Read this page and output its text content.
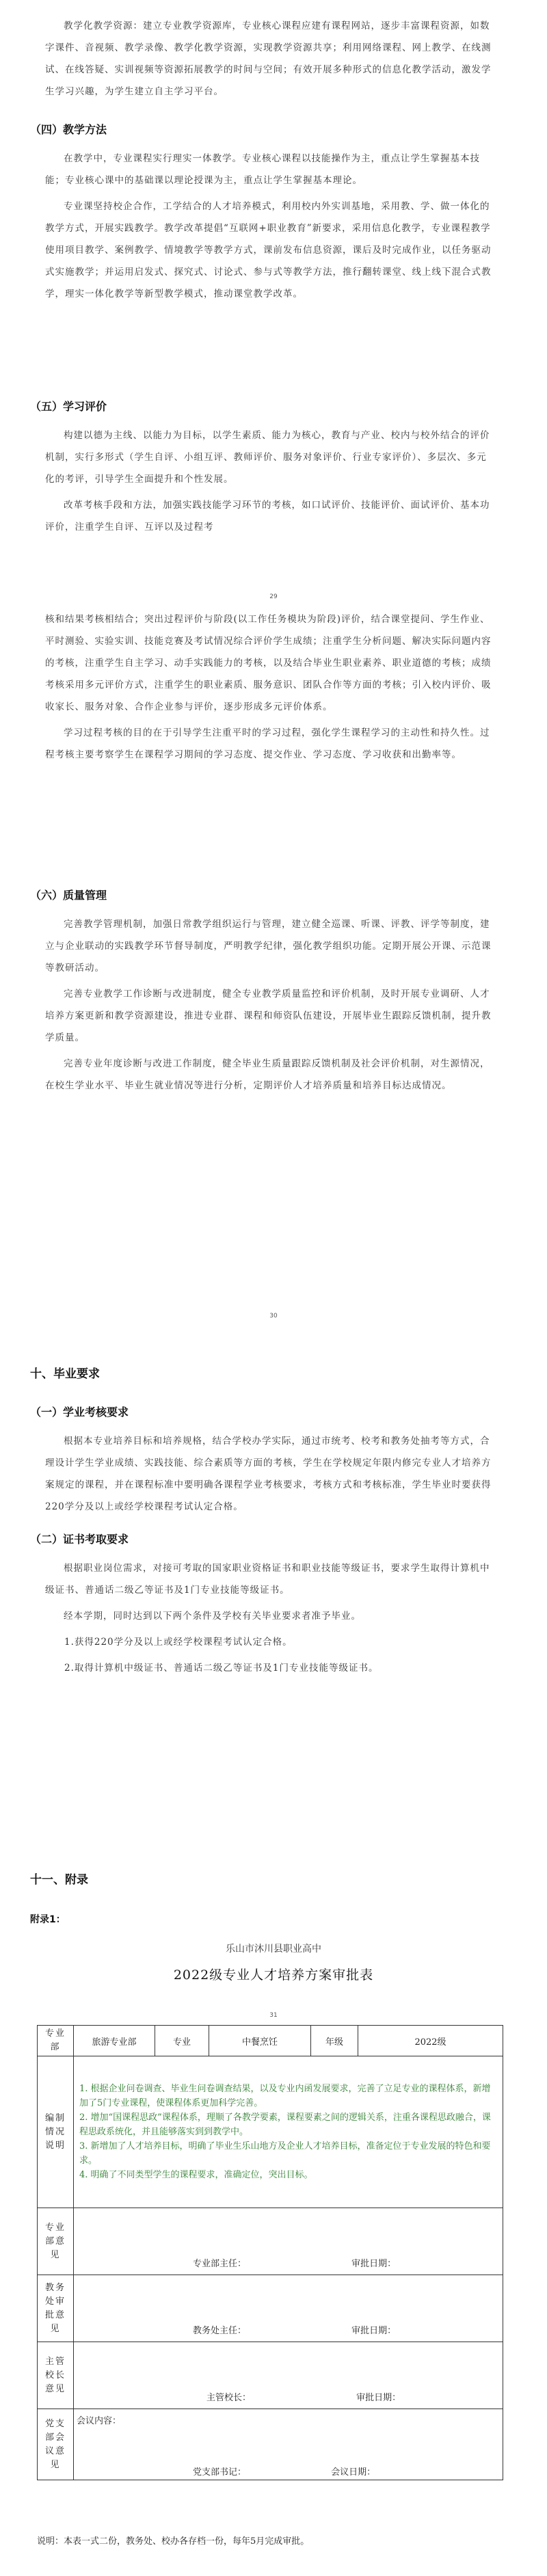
教学化教学资源：建立专业教学资源库，专业核心课程应建有课程网站，逐步丰富课程资源，如数字课件、音视频、教学录像、教学化教学资源，实现教学资源共享；利用网络课程、网上教学、在线测试、在线答疑、实训视频等资源拓展教学的时间与空间；有效开展多种形式的信息化教学活动，激发学生学习兴趣，为学生建立自主学习平台。

（四）教学方法

在教学中，专业课程实行理实一体教学。专业核心课程以技能操作为主，重点让学生掌握基本技能；专业核心课中的基础课以理论授课为主，重点让学生掌握基本理论。

专业课坚持校企合作，工学结合的人才培养模式，利用校内外实训基地，采用教、学、做一体化的教学方式，开展实践教学。教学改革提倡“互联网+职业教育”新要求，采用信息化教学，专业课程教学使用项目教学、案例教学、情境教学等教学方式，课前发布信息资源，课后及时完成作业，以任务驱动式实施教学；并运用启发式、探究式、讨论式、参与式等教学方法，推行翻转课堂、线上线下混合式教学，理实一体化教学等新型教学模式，推动课堂教学改革。

（五）学习评价

构建以德为主线、以能力为目标，以学生素质、能力为核心，教育与产业、校内与校外结合的评价机制，实行多形式（学生自评、小组互评、教师评价、服务对象评价、行业专家评价）、多层次、多元化的考评，引导学生全面提升和个性发展。

改革考核手段和方法，加强实践技能学习环节的考核，如口试评价、技能评价、面试评价、基本功评价，注重学生自评、互评以及过程考

29

核和结果考核相结合；突出过程评价与阶段(以工作任务模块为阶段)评价，结合课堂提问、学生作业、平时测验、实验实训、技能竞赛及考试情况综合评价学生成绩；注重学生分析问题、解决实际问题内容的考核，注重学生自主学习、动手实践能力的考核，以及结合毕业生职业素养、职业道德的考核；成绩考核采用多元评价方式，注重学生的职业素质、服务意识、团队合作等方面的考核；引入校内评价、吸收家长、服务对象、合作企业参与评价，逐步形成多元评价体系。

学习过程考核的目的在于引导学生注重平时的学习过程，强化学生课程学习的主动性和持久性。过程考核主要考察学生在课程学习期间的学习态度、提交作业、学习态度、学习收获和出勤率等。

（六）质量管理

完善教学管理机制，加强日常教学组织运行与管理，建立健全巡课、听课、评教、评学等制度，建立与企业联动的实践教学环节督导制度，严明教学纪律，强化教学组织功能。定期开展公开课、示范课等教研活动。

完善专业教学工作诊断与改进制度，健全专业教学质量监控和评价机制，及时开展专业调研、人才培养方案更新和教学资源建设，推进专业群、课程和师资队伍建设，开展毕业生跟踪反馈机制，提升教学质量。

完善专业年度诊断与改进工作制度，健全毕业生质量跟踪反馈机制及社会评价机制，对生源情况，在校生学业水平、毕业生就业情况等进行分析，定期评价人才培养质量和培养目标达成情况。

30
十、毕业要求
（一）学业考核要求

根据本专业培养目标和培养规格，结合学校办学实际，通过市统考、校考和教务处抽考等方式，合理设计学生学业成绩、实践技能、综合素质等方面的考核，学生在学校规定年限内修完专业人才培养方案规定的课程，并在课程标准中要明确各课程学业考核要求，考核方式和考核标准，学生毕业时要获得220学分及以上或经学校课程考试认定合格。

（二）证书考取要求

根据职业岗位需求，对接可考取的国家职业资格证书和职业技能等级证书，要求学生取得计算机中级证书、普通话二级乙等证书及1门专业技能等级证书。

经本学期，同时达到以下两个条件及学校有关毕业要求者准予毕业。

1.获得220学分及以上或经学校课程考试认定合格。

2.取得计算机中级证书、普通话二级乙等证书及1门专业技能等级证书。

十一、附录
附录1：
乐山市沐川县职业高中
2022级专业人才培养方案审批表
31
专业部	旅游专业部	专业	中餐烹饪	年级	2022级
编制情况说明	1. 根据企业问卷调查、毕业生问卷调查结果，以及专业内函发展要求，完善了立足专业的课程体系，新增加了5门专业课程，使课程体系更加科学完善。
2. 增加“国课程思政”课程体系，理顺了各教学要素，课程要素之间的逻辑关系，注重各课程思政融合，课程思政系统化，并且能够落实到到教学中。
3. 新增加了人才培养目标，明确了毕业生乐山地方及企业人才培养目标，准备定位于专业发展的特色和要求。
4. 明确了不同类型学生的课程要求，准确定位，突出目标。				

专业部意见	专业部主任： 审批日期：				
教务处审批意见	教务处主任： 审批日期：				
主管校长意见	主管校长： 审批日期：				
党支部会议意见	会议内容：
党支部书记： 会议日期：				
说明：本表一式二份，教务处、校办各存档一份，每年5月完成审批。
